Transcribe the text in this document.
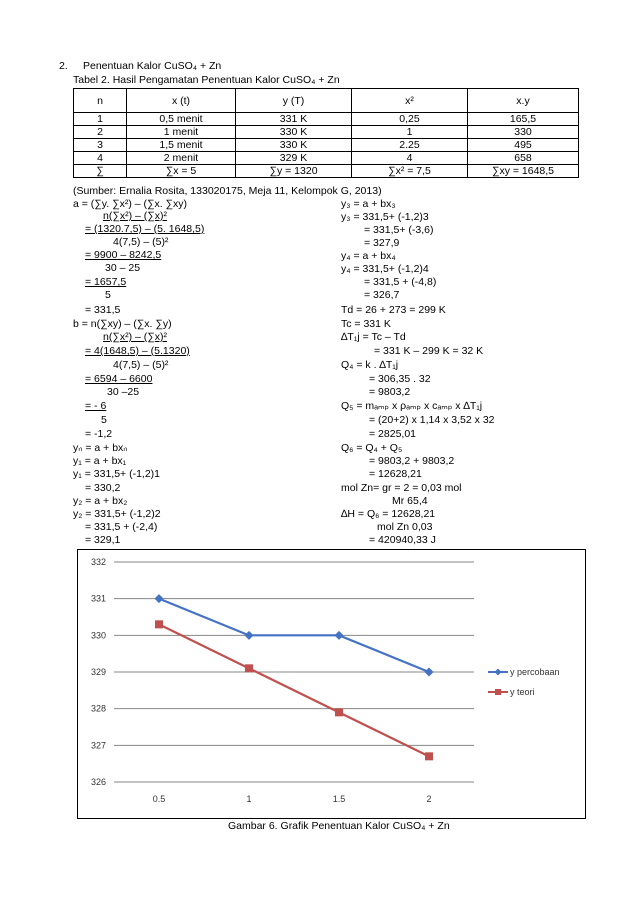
2. Penentuan Kalor CuSO₄ + Zn
Tabel 2. Hasil Pengamatan Penentuan Kalor CuSO₄ + Zn
n	x (t)	y (T)	x²	x.y
1	0,5 menit	331 K	0,25	165,5
2	1 menit	330 K	1	330
3	1,5 menit	330 K	2.25	495
4	2 menit	329 K	4	658
∑	∑x = 5	∑y = 1320	∑x² = 7,5	∑xy = 1648,5
(Sumber: Ernalia Rosita, 133020175, Meja 11, Kelompok G, 2013)
a = (∑y. ∑x²) – (∑x. ∑xy)
n(∑x²) – (∑x)²
= (1320.7,5) – (5. 1648,5)
4(7,5) – (5)²
= 9900 – 8242,5
30 – 25
= 1657,5
5
= 331,5
b = n(∑xy) – (∑x. ∑y)
n(∑x²) – (∑x)²
= 4(1648,5) – (5.1320)
4(7,5) – (5)²
= 6594 – 6600
30 –25
= - 6
5
= -1,2
yₙ = a + bxₙ
y₁ = a + bx₁
y₁ = 331,5+ (-1,2)1
= 330,2
y₂ = a + bx₂
y₂ = 331,5+ (-1,2)2
= 331,5 + (-2,4)
= 329,1
y₃ = a + bx₃
y₃ = 331,5+ (-1,2)3
= 331,5+ (-3,6)
= 327,9
y₄ = a + bx₄
y₄ = 331,5+ (-1,2)4
= 331,5 + (-4,8)
= 326,7
Td = 26 + 273 = 299 K
Tc = 331 K
∆T₁j = Tc – Td
= 331 K – 299 K = 32 K
Q₄ = k . ∆T₁j
= 306,35 . 32
= 9803,2
Q₅ = mₐₘₚ x ρₐₘₚ x cₐₘₚ x ∆T₁j
= (20+2) x 1,14 x 3,52 x 32
= 2825,01
Q₆ = Q₄ + Q₅
= 9803,2 + 9803,2
= 12628,21
mol Zn= gr = 2 = 0,03 mol
Mr 65,4
∆H = Q₆ = 12628,21
mol Zn 0,03
= 420940,33 J
326
327
328
329
330
331
332
0.5	1	1.5	2
y percobaan
y teori
Gambar 6. Grafik Penentuan Kalor CuSO₄ + Zn
